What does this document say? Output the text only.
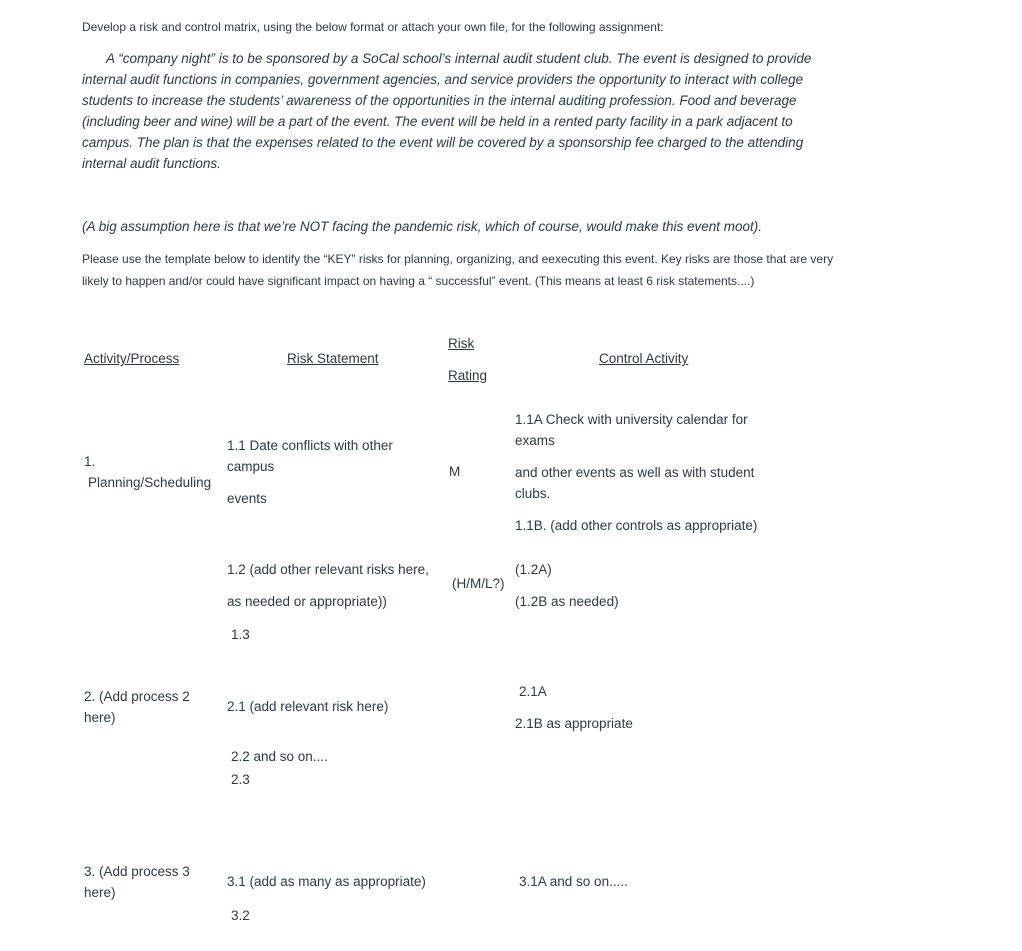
Develop a risk and control matrix, using the below format or attach your own file, for the following assignment:
A “company night” is to be sponsored by a SoCal school’s internal audit student club. The event is designed to provide
internal audit functions in companies, government agencies, and service providers the opportunity to interact with college
students to increase the students’ awareness of the opportunities in the internal auditing profession. Food and beverage
(including beer and wine) will be a part of the event. The event will be held in a rented party facility in a park adjacent to
campus. The plan is that the expenses related to the event will be covered by a sponsorship fee charged to the attending
internal audit functions.
(A big assumption here is that we’re NOT facing the pandemic risk, which of course, would make this event moot).
Please use the template below to identify the “KEY” risks for planning, organizing, and eexecuting this event. Key risks are those that are very
likely to happen and/or could have significant impact on having a “ successful” event. (This means at least 6 risk statements....)
Activity/Process	Risk Statement
Risk
Rating
Control Activity
1.
Planning/Scheduling
1.1 Date conflicts with other
campus
events
M
1.1A Check with university calendar for
exams
and other events as well as with student
clubs.
1.1B. (add other controls as appropriate)
1.2 (add other relevant risks here,
as needed or appropriate))
(H/M/L?)
(1.2A)
(1.2B as needed)
1.3
2. (Add process 2
here)
2.1 (add relevant risk here)
2.1A
2.1B as appropriate
2.2 and so on....
2.3
3. (Add process 3
here)
3.1 (add as many as appropriate)	3.1A and so on.....
3.2
